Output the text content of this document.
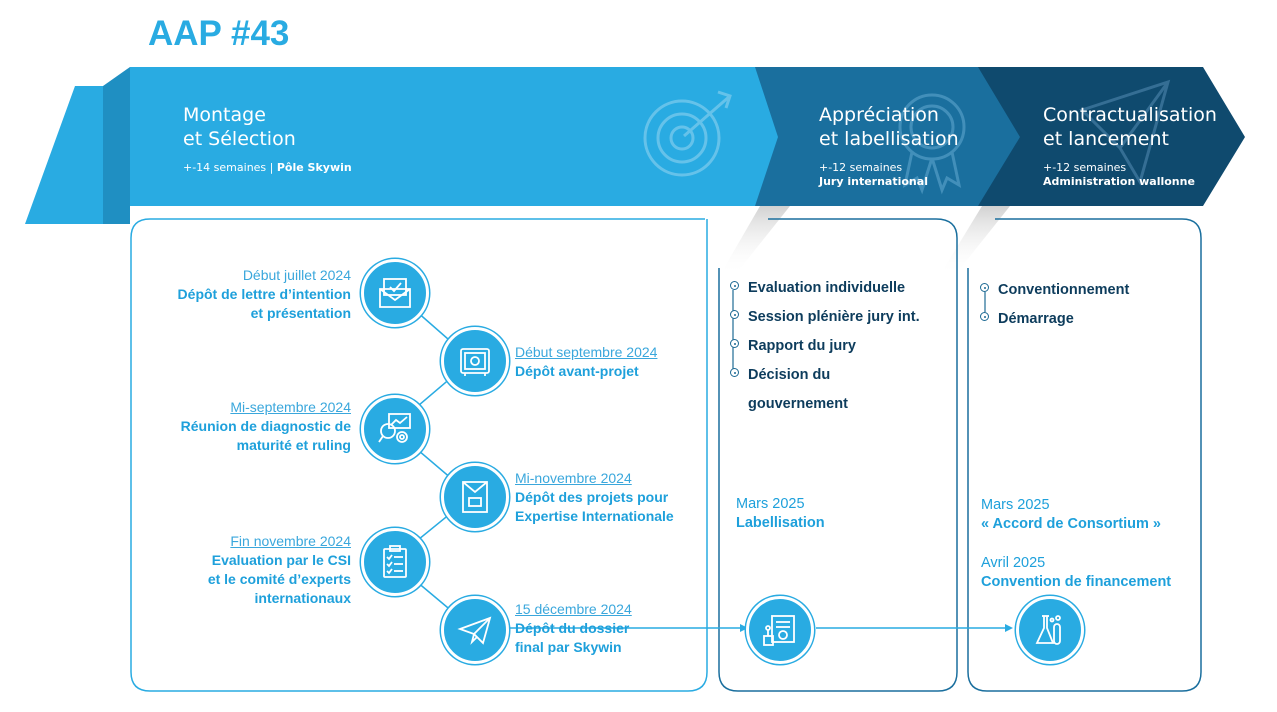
AAP #43
Montage
et Sélection
+-14 semaines | Pôle Skywin
Appréciation
et labellisation
+-12 semaines
Jury international
Contractualisation
et lancement
+-12 semaines
Administration wallonne
Début juillet 2024
Dépôt de lettre d’intention
et présentation
Début septembre 2024
Dépôt avant-projet
Mi-septembre 2024
Réunion de diagnostic de
maturité et ruling
Mi-novembre 2024
Dépôt des projets pour
Expertise Internationale
Fin novembre 2024
Evaluation par le CSI
et le comité d’experts
internationaux
15 décembre 2024
Dépôt du dossier
final par Skywin
Evaluation individuelle
Session plénière jury int.
Rapport du jury
Décision du gouvernement
Mars 2025
Labellisation
Conventionnement
Démarrage
Mars 2025
« Accord de Consortium »
Avril 2025
Convention de financement
